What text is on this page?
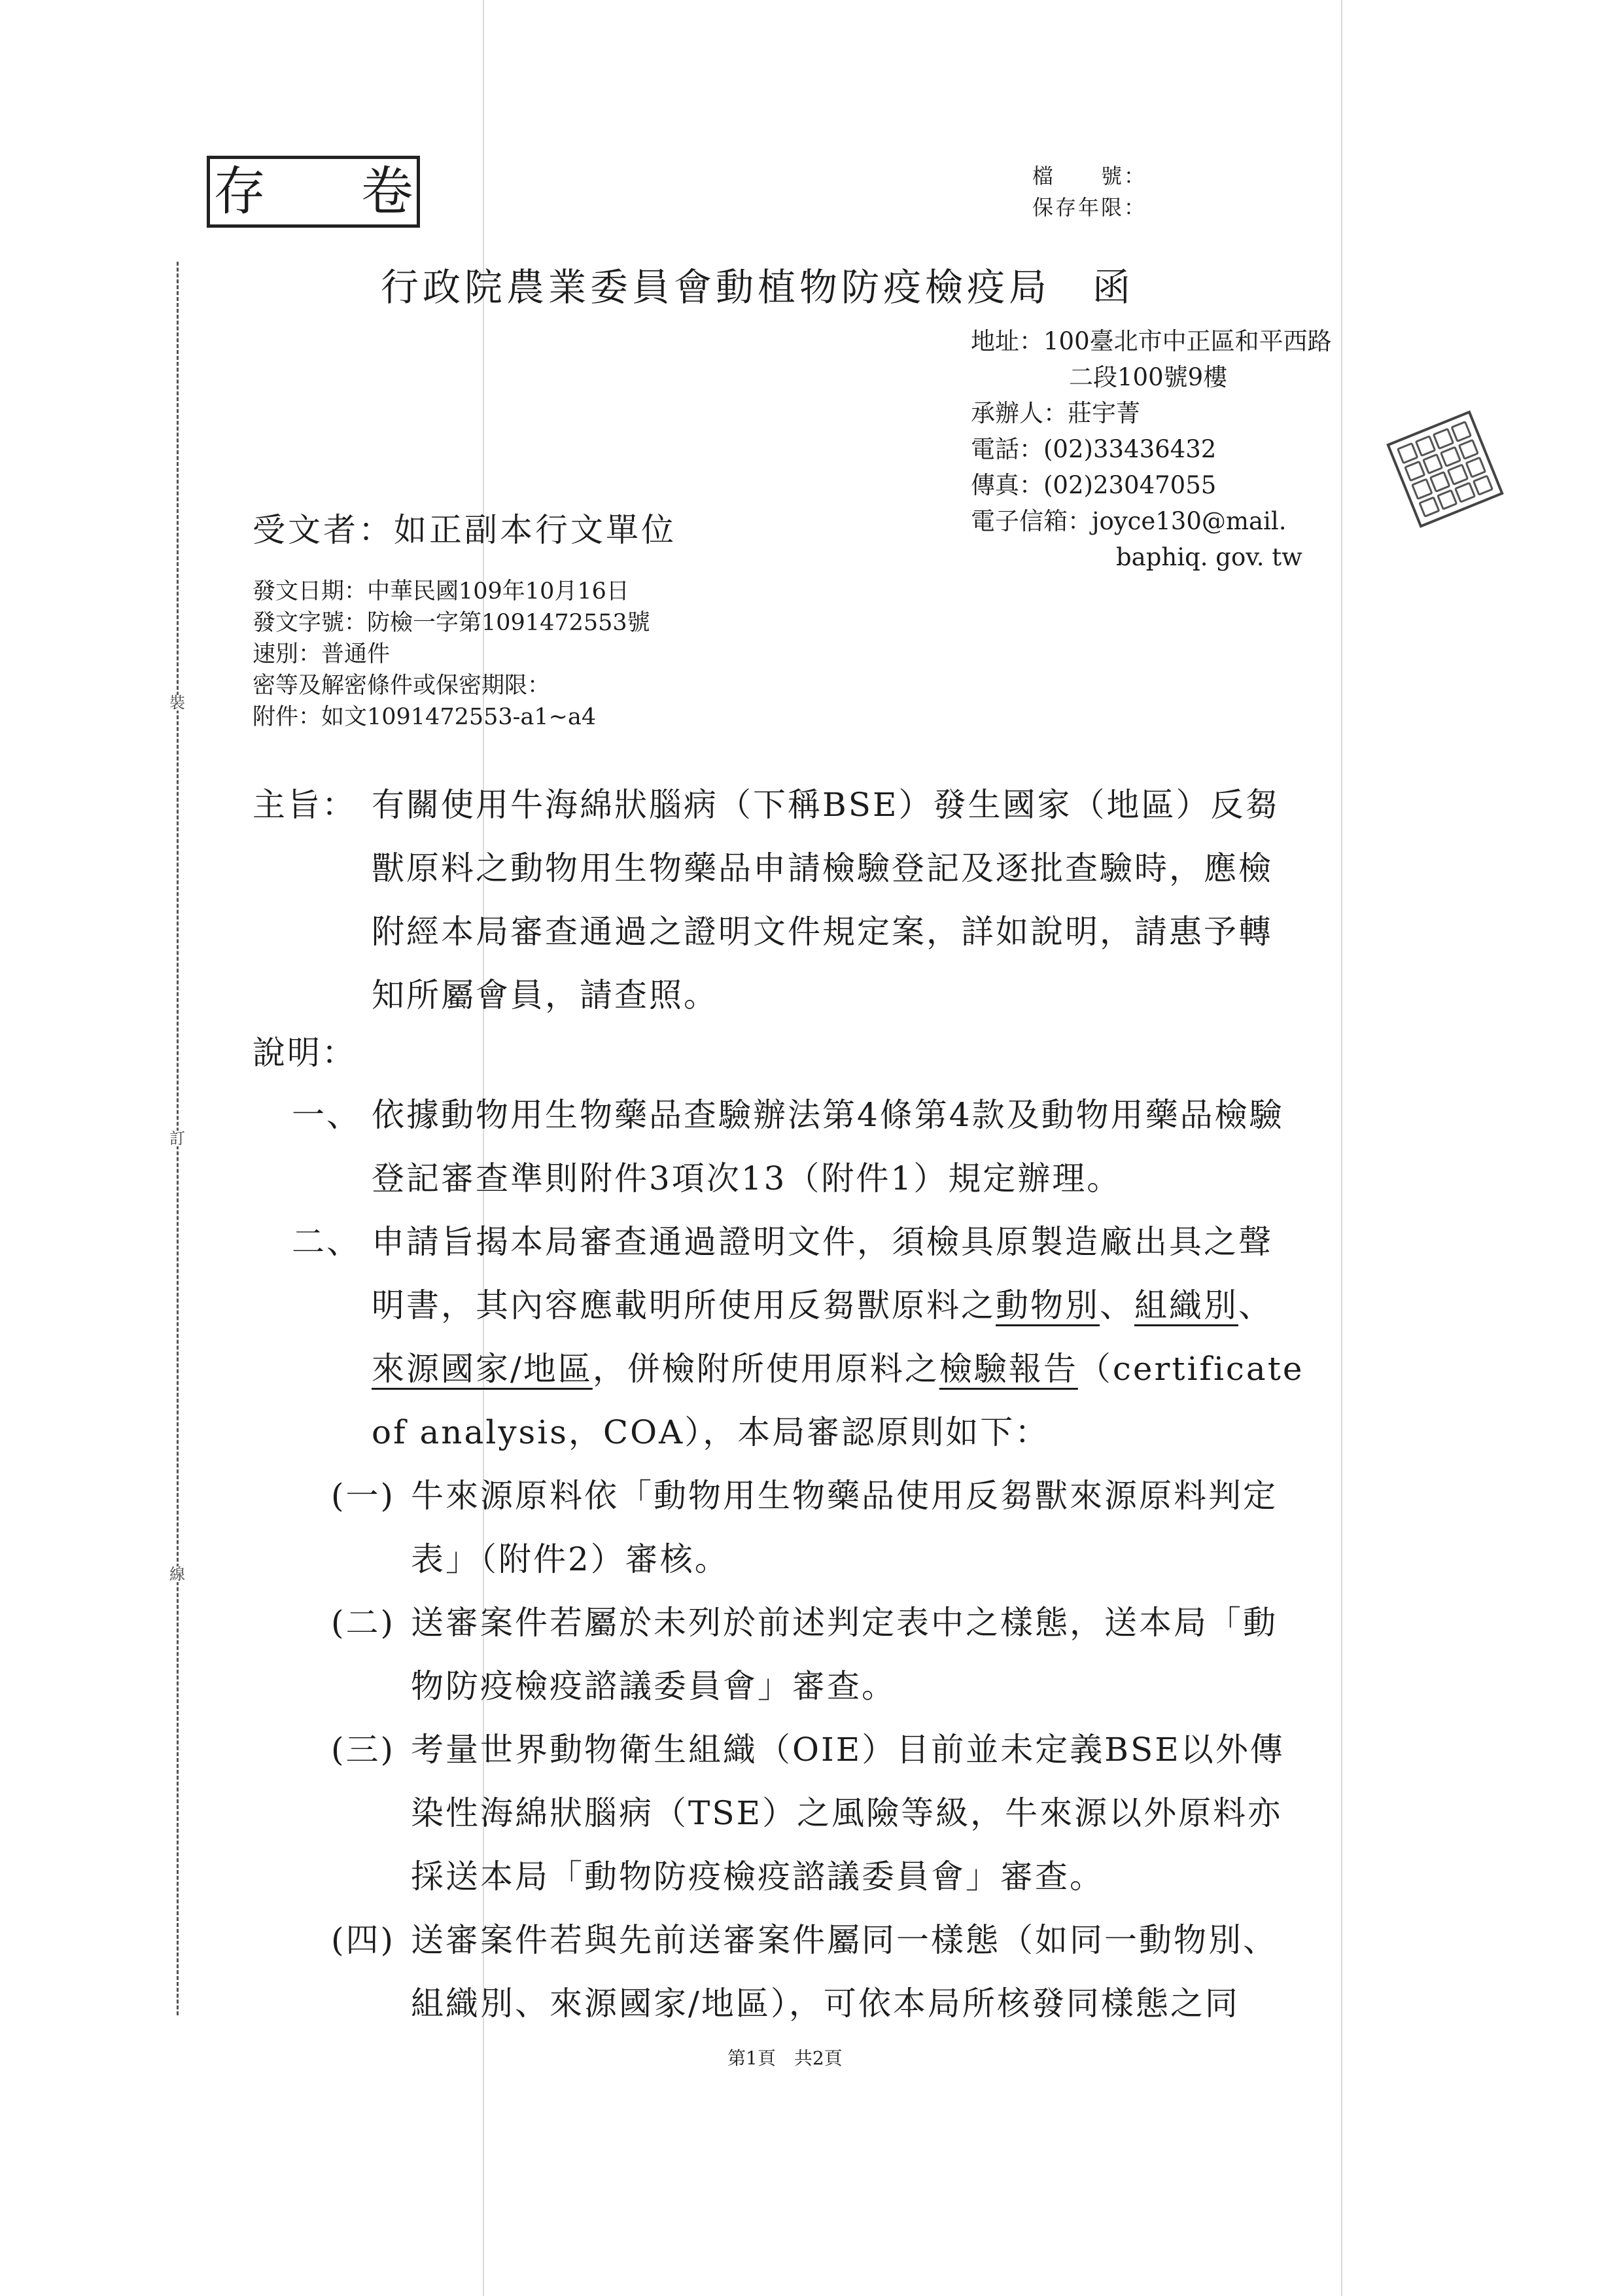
裝
訂
線
存 卷	檔　　號：
保存年限：
行政院農業委員會動植物防疫檢疫局　函
地址：100臺北市中正區和平西路
二段100號9樓
承辦人：莊宇菁
電話：(02)33436432
傳真：(02)23047055
電子信箱：joyce130@mail.
baphiq. gov. tw
受文者：如正副本行文單位
發文日期：中華民國109年10月16日
發文字號：防檢一字第1091472553號
速別：普通件
密等及解密條件或保密期限：
附件：如文1091472553-a1~a4
主旨： 有關使用牛海綿狀腦病（下稱BSE）發生國家（地區）反芻
獸原料之動物用生物藥品申請檢驗登記及逐批查驗時，應檢
附經本局審查通過之證明文件規定案，詳如說明，請惠予轉
知所屬會員，請查照。
說明：
一、 依據動物用生物藥品查驗辦法第4條第4款及動物用藥品檢驗
登記審查準則附件3項次13（附件1）規定辦理。
二、 申請旨揭本局審查通過證明文件，須檢具原製造廠出具之聲
明書，其內容應載明所使用反芻獸原料之動物別、組織別、
來源國家/地區，併檢附所使用原料之檢驗報告（certificate
of analysis，COA），本局審認原則如下：
(一) 牛來源原料依「動物用生物藥品使用反芻獸來源原料判定
表」（附件2）審核。
(二) 送審案件若屬於未列於前述判定表中之樣態，送本局「動
物防疫檢疫諮議委員會」審查。
(三) 考量世界動物衛生組織（OIE）目前並未定義BSE以外傳
染性海綿狀腦病（TSE）之風險等級，牛來源以外原料亦
採送本局「動物防疫檢疫諮議委員會」審查。
(四) 送審案件若與先前送審案件屬同一樣態（如同一動物別、
組織別、來源國家/地區），可依本局所核發同樣態之同
第1頁　共2頁
